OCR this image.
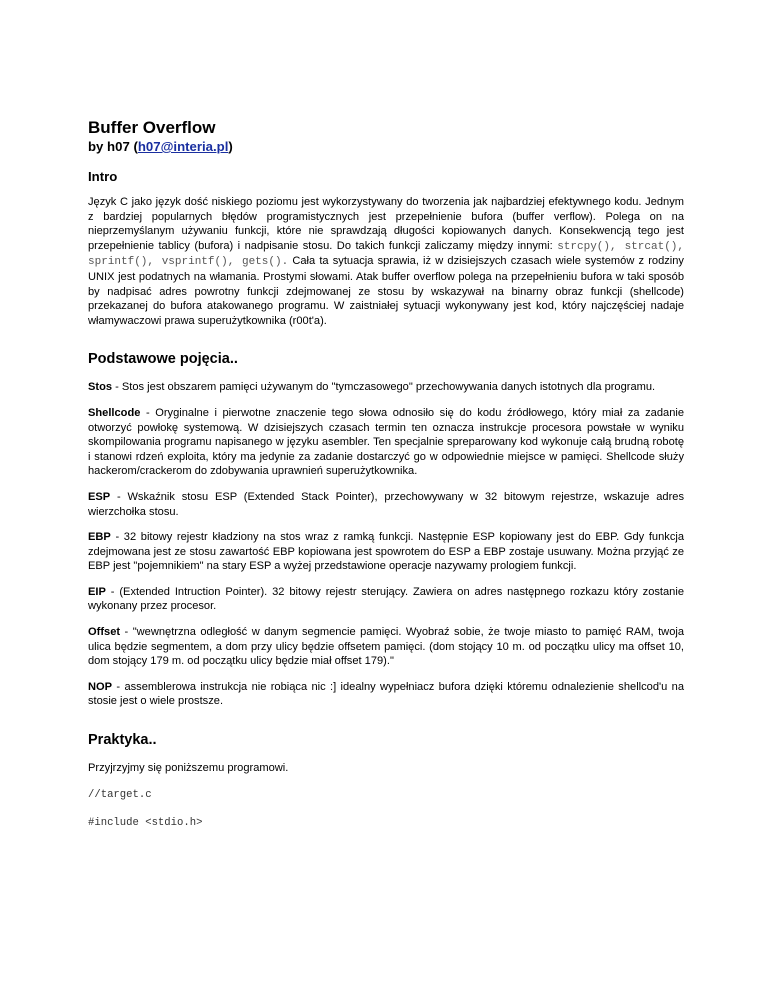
Buffer Overflow
by h07 (h07@interia.pl)
Intro

Język C jako język dość niskiego poziomu jest wykorzystywany do tworzenia jak najbardziej efektywnego kodu. Jednym z bardziej popularnych błędów programistycznych jest przepełnienie bufora (buffer verflow). Polega on na nieprzemyślanym używaniu funkcji, które nie sprawdzają długości kopiowanych danych. Konsekwencją tego jest przepełnienie tablicy (bufora) i nadpisanie stosu. Do takich funkcji zaliczamy między innymi: strcpy(), strcat(), sprintf(), vsprintf(), gets(). Cała ta sytuacja sprawia, iż w dzisiejszych czasach wiele systemów z rodziny UNIX jest podatnych na włamania. Prostymi słowami. Atak buffer overflow polega na przepełnieniu bufora w taki sposób by nadpisać adres powrotny funkcji zdejmowanej ze stosu by wskazywał na binarny obraz funkcji (shellcode) przekazanej do bufora atakowanego programu. W zaistniałej sytuacji wykonywany jest kod, który najczęściej nadaje włamywaczowi prawa superużytkownika (r00t'a).

Podstawowe pojęcia..

Stos - Stos jest obszarem pamięci używanym do "tymczasowego" przechowywania danych istotnych dla programu.

Shellcode - Oryginalne i pierwotne znaczenie tego słowa odnosiło się do kodu źródłowego, który miał za zadanie otworzyć powłokę systemową. W dzisiejszych czasach termin ten oznacza instrukcje procesora powstałe w wyniku skompilowania programu napisanego w języku asembler. Ten specjalnie spreparowany kod wykonuje całą brudną robotę i stanowi rdzeń exploita, który ma jedynie za zadanie dostarczyć go w odpowiednie miejsce w pamięci. Shellcode służy hackerom/crackerom do zdobywania uprawnień superużytkownika.

ESP - Wskaźnik stosu ESP (Extended Stack Pointer), przechowywany w 32 bitowym rejestrze, wskazuje adres wierzchołka stosu.

EBP - 32 bitowy rejestr kładziony na stos wraz z ramką funkcji. Następnie ESP kopiowany jest do EBP. Gdy funkcja zdejmowana jest ze stosu zawartość EBP kopiowana jest spowrotem do ESP a EBP zostaje usuwany. Można przyjąć ze EBP jest "pojemnikiem" na stary ESP a wyżej przedstawione operacje nazywamy prologiem funkcji.

EIP - (Extended Intruction Pointer). 32 bitowy rejestr sterujący. Zawiera on adres następnego rozkazu który zostanie wykonany przez procesor.

Offset - "wewnętrzna odległość w danym segmencie pamięci. Wyobraź sobie, że twoje miasto to pamięć RAM, twoja ulica będzie segmentem, a dom przy ulicy będzie offsetem pamięci. (dom stojący 10 m. od początku ulicy ma offset 10, dom stojący 179 m. od początku ulicy będzie miał offset 179)."

NOP - assemblerowa instrukcja nie robiąca nic :] idealny wypełniacz bufora dzięki któremu odnalezienie shellcod'u na stosie jest o wiele prostsze.

Praktyka..

Przyjrzyjmy się poniższemu programowi.

//target.c
#include <stdio.h>
